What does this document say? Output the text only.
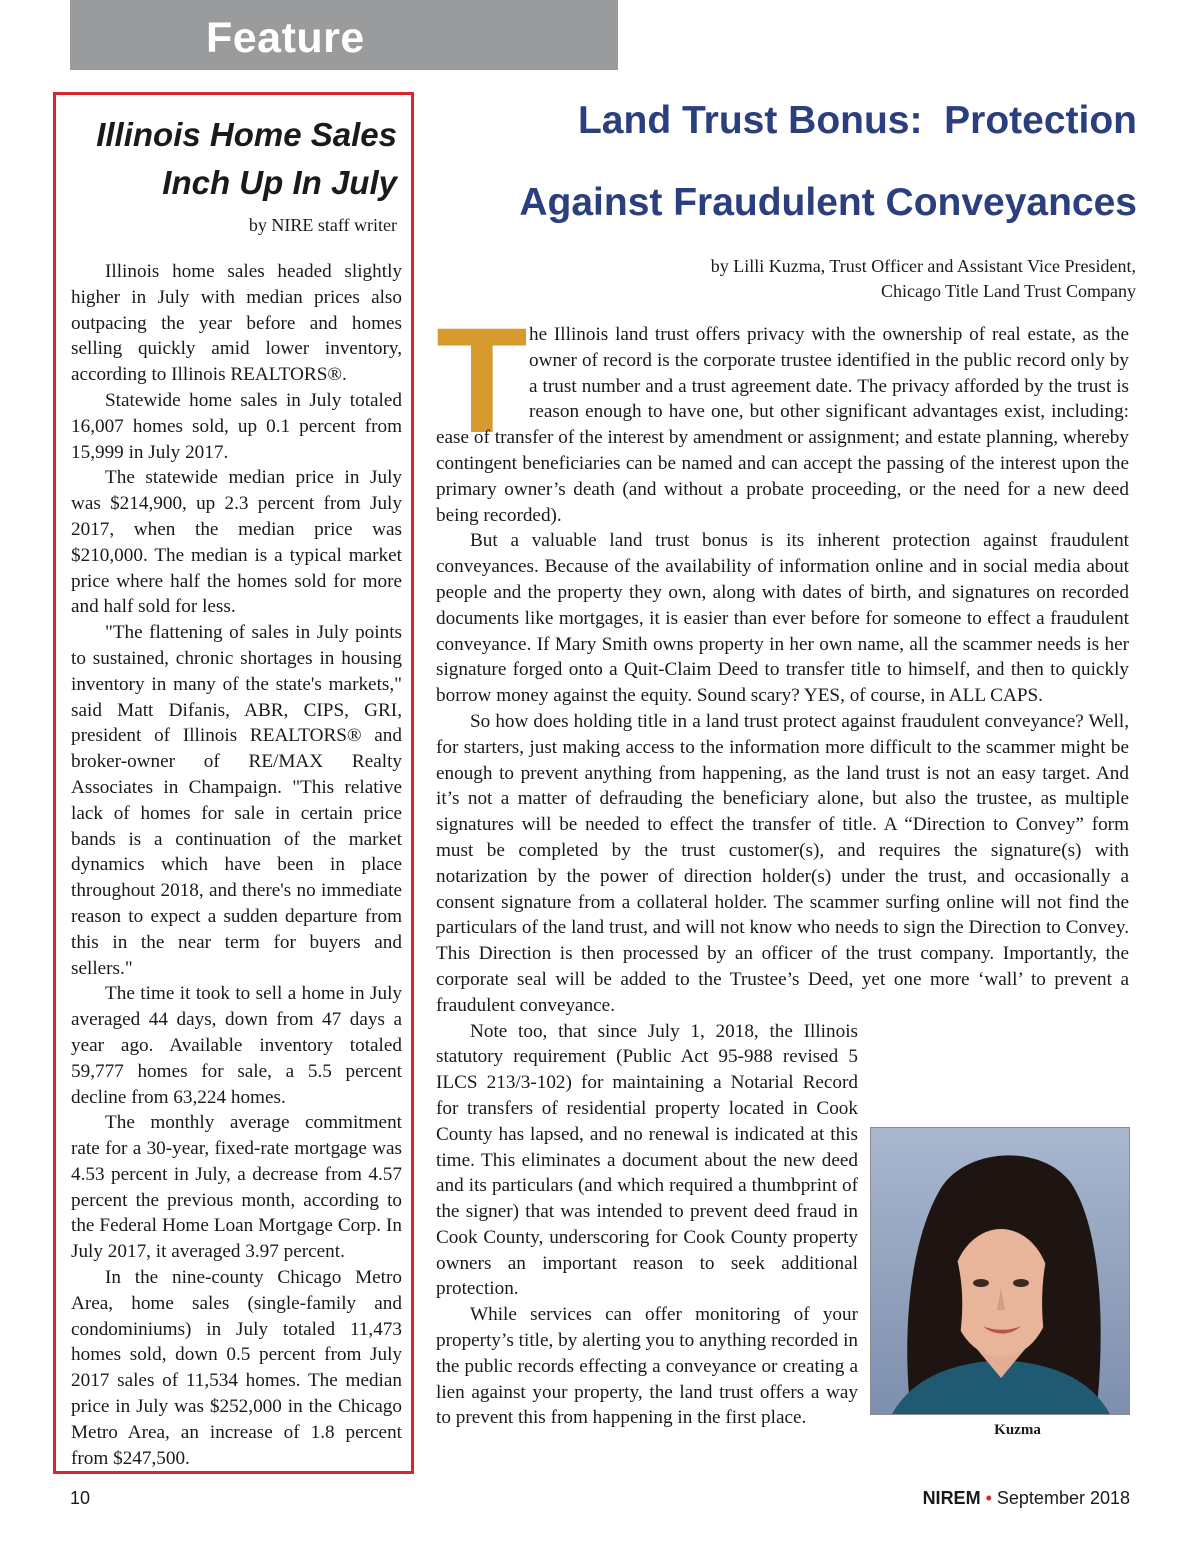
Feature
Illinois Home Sales
Inch Up In July
by NIRE staff writer

Illinois home sales headed slightly higher in July with median prices also outpacing the year before and homes selling quickly amid lower inventory, according to Illinois REALTORS®.

Statewide home sales in July totaled 16,007 homes sold, up 0.1 percent from 15,999 in July 2017.

The statewide median price in July was $214,900, up 2.3 percent from July 2017, when the median price was $210,000. The median is a typical market price where half the homes sold for more and half sold for less.

"The flattening of sales in July points to sustained, chronic shortages in housing inventory in many of the state's markets," said Matt Difanis, ABR, CIPS, GRI, president of Illinois REALTORS® and broker-owner of RE/MAX Realty Associates in Champaign. "This relative lack of homes for sale in certain price bands is a continuation of the market dynamics which have been in place throughout 2018, and there's no immediate reason to expect a sudden departure from this in the near term for buyers and sellers."

The time it took to sell a home in July averaged 44 days, down from 47 days a year ago. Available inventory totaled 59,777 homes for sale, a 5.5 percent decline from 63,224 homes.

The monthly average commitment rate for a 30-year, fixed-rate mortgage was 4.53 percent in July, a decrease from 4.57 percent the previous month, according to the Federal Home Loan Mortgage Corp. In July 2017, it averaged 3.97 percent.

In the nine-county Chicago Metro Area, home sales (single-family and condominiums) in July totaled 11,473 homes sold, down 0.5 percent from July 2017 sales of 11,534 homes. The median price in July was $252,000 in the Chicago Metro Area, an increase of 1.8 percent from $247,500.

Land Trust Bonus:  Protection
Against Fraudulent Conveyances
by Lilli Kuzma, Trust Officer and Assistant Vice President,
Chicago Title Land Trust Company
T he Illinois land trust offers privacy with the ownership of real estate, as the owner of record is the corporate trustee identified in the public record only by a trust number and a trust agreement date. The privacy afforded by the trust is reason enough to have one, but other significant advantages exist, including: ease of transfer of the interest by amendment or assignment; and estate planning, whereby contingent beneficiaries can be named and can accept the passing of the interest upon the primary owner’s death (and without a probate proceeding, or the need for a new deed being recorded).

But a valuable land trust bonus is its inherent protection against fraudulent conveyances. Because of the availability of information online and in social media about people and the property they own, along with dates of birth, and signatures on recorded documents like mortgages, it is easier than ever before for someone to effect a fraudulent conveyance. If Mary Smith owns property in her own name, all the scammer needs is her signature forged onto a Quit-Claim Deed to transfer title to himself, and then to quickly borrow money against the equity. Sound scary? YES, of course, in ALL CAPS.

So how does holding title in a land trust protect against fraudulent conveyance? Well, for starters, just making access to the information more difficult to the scammer might be enough to prevent anything from happening, as the land trust is not an easy target. And it’s not a matter of defrauding the beneficiary alone, but also the trustee, as multiple signatures will be needed to effect the transfer of title. A “Direction to Convey” form must be completed by the trust customer(s), and requires the signature(s) with notarization by the power of direction holder(s) under the trust, and occasionally a consent signature from a collateral holder. The scammer surfing online will not find the particulars of the land trust, and will not know who needs to sign the Direction to Convey. This Direction is then processed by an officer of the trust company. Importantly, the corporate seal will be added to the Trustee’s Deed, yet one more ‘wall’ to prevent a fraudulent conveyance.

Note too, that since July 1, 2018, the Illinois statutory requirement (Public Act 95-988 revised 5 ILCS 213/3-102) for maintaining a Notarial Record for transfers of residential property located in Cook County has lapsed, and no renewal is indicated at this time. This eliminates a document about the new deed and its particulars (and which required a thumbprint of the signer) that was intended to prevent deed fraud in Cook County, underscoring for Cook County property owners an important reason to seek additional protection.

While services can offer monitoring of your property’s title, by alerting you to anything recorded in the public records effecting a conveyance or creating a lien against your property, the land trust offers a way to prevent this from happening in the first place.

Kuzma
10	NIREM • September 2018
